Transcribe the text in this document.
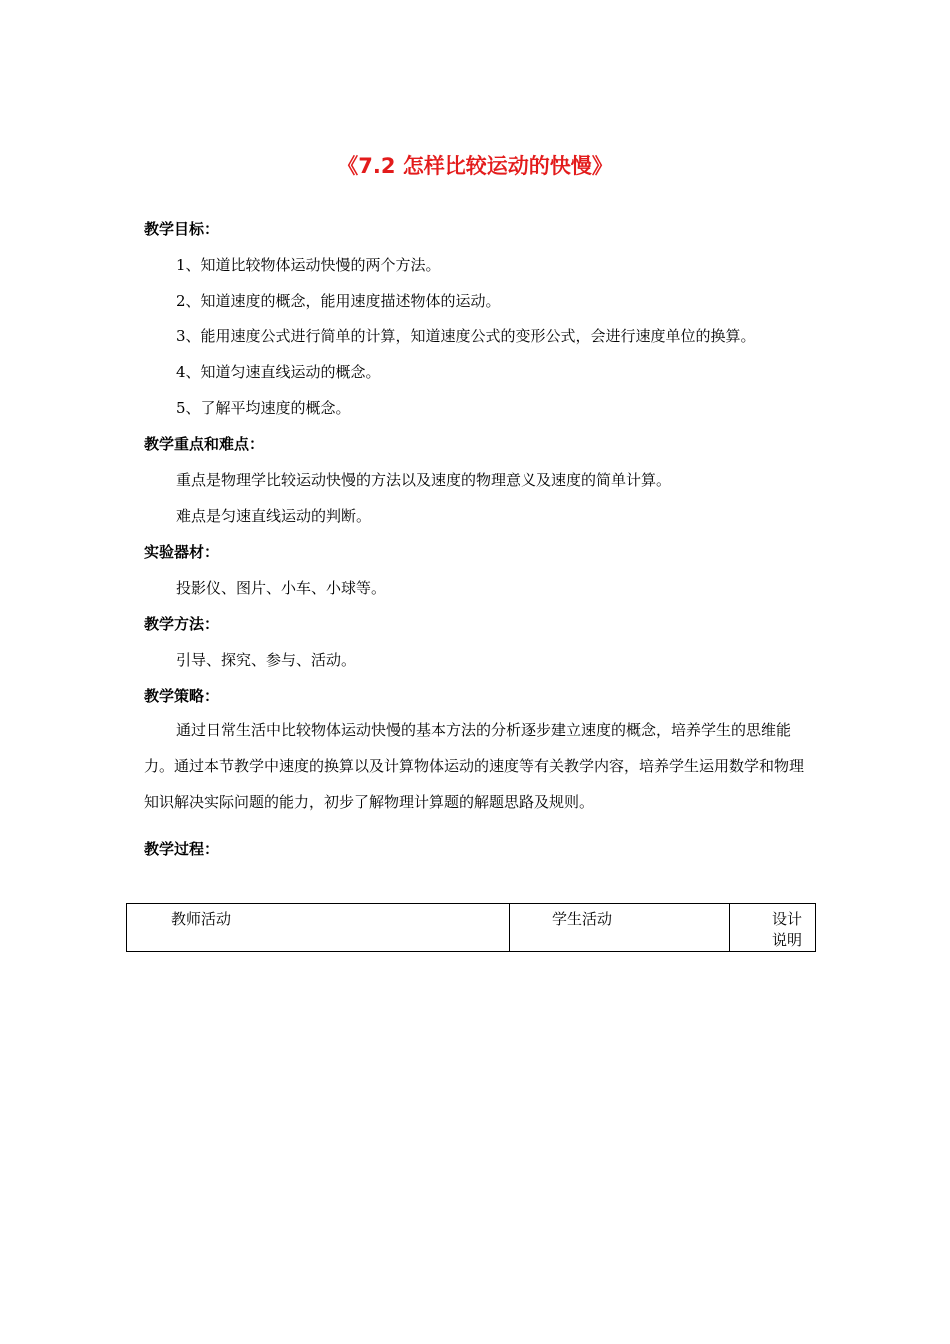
《7.2 怎样比较运动的快慢》
教学目标：
1、知道比较物体运动快慢的两个方法。
2、知道速度的概念，能用速度描述物体的运动。
3、能用速度公式进行简单的计算，知道速度公式的变形公式，会进行速度单位的换算。
4、知道匀速直线运动的概念。
5、了解平均速度的概念。
教学重点和难点：
重点是物理学比较运动快慢的方法以及速度的物理意义及速度的简单计算。
难点是匀速直线运动的判断。
实验器材：
投影仪、图片、小车、小球等。
教学方法：
引导、探究、参与、活动。
教学策略：
通过日常生活中比较物体运动快慢的基本方法的分析逐步建立速度的概念，培养学生的思维能力。通过本节教学中速度的换算以及计算物体运动的速度等有关教学内容，培养学生运用数学和物理知识解决实际问题的能力，初步了解物理计算题的解题思路及规则。
教学过程：
教师活动	学生活动	设计说明
